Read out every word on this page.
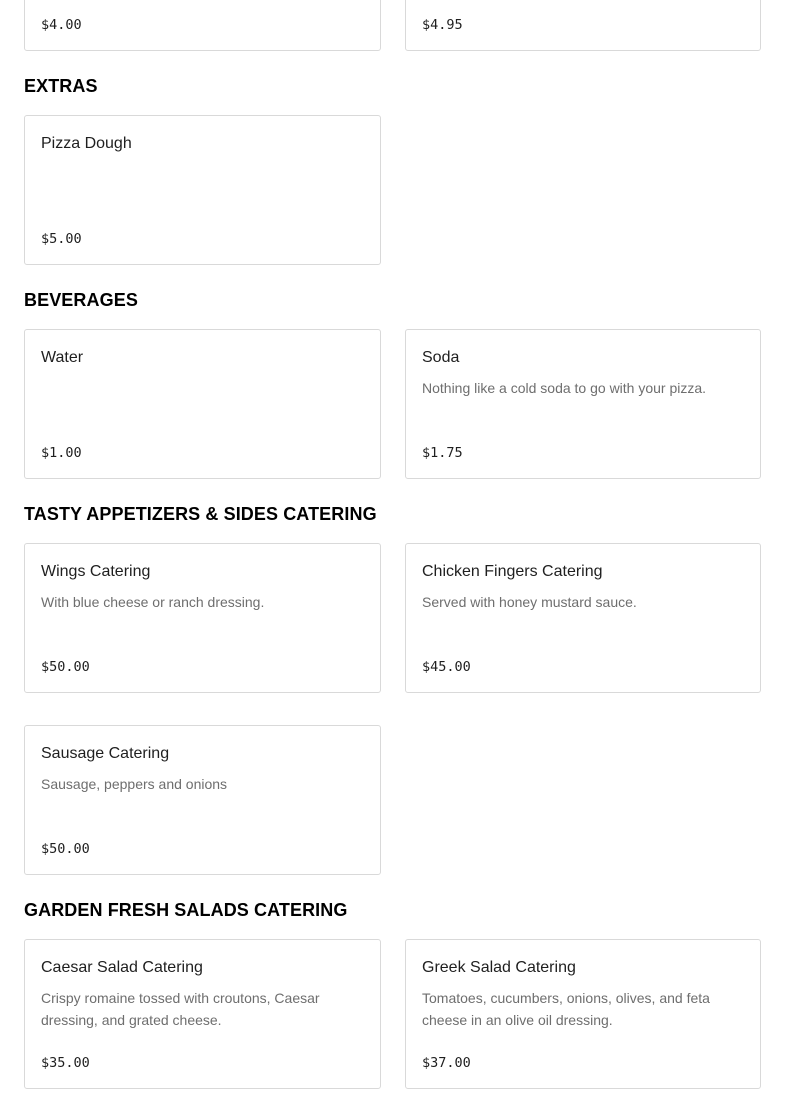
$4.00	$4.95
EXTRAS
Pizza Dough
$5.00
BEVERAGES
Water
$1.00
Soda
Nothing like a cold soda to go with your pizza.
$1.75
TASTY APPETIZERS & SIDES CATERING
Wings Catering
With blue cheese or ranch dressing.
$50.00
Chicken Fingers Catering
Served with honey mustard sauce.
$45.00
Sausage Catering
Sausage, peppers and onions
$50.00
GARDEN FRESH SALADS CATERING
Caesar Salad Catering
Crispy romaine tossed with croutons, Caesar dressing, and grated cheese.
$35.00
Greek Salad Catering
Tomatoes, cucumbers, onions, olives, and feta cheese in an olive oil dressing.
$37.00
